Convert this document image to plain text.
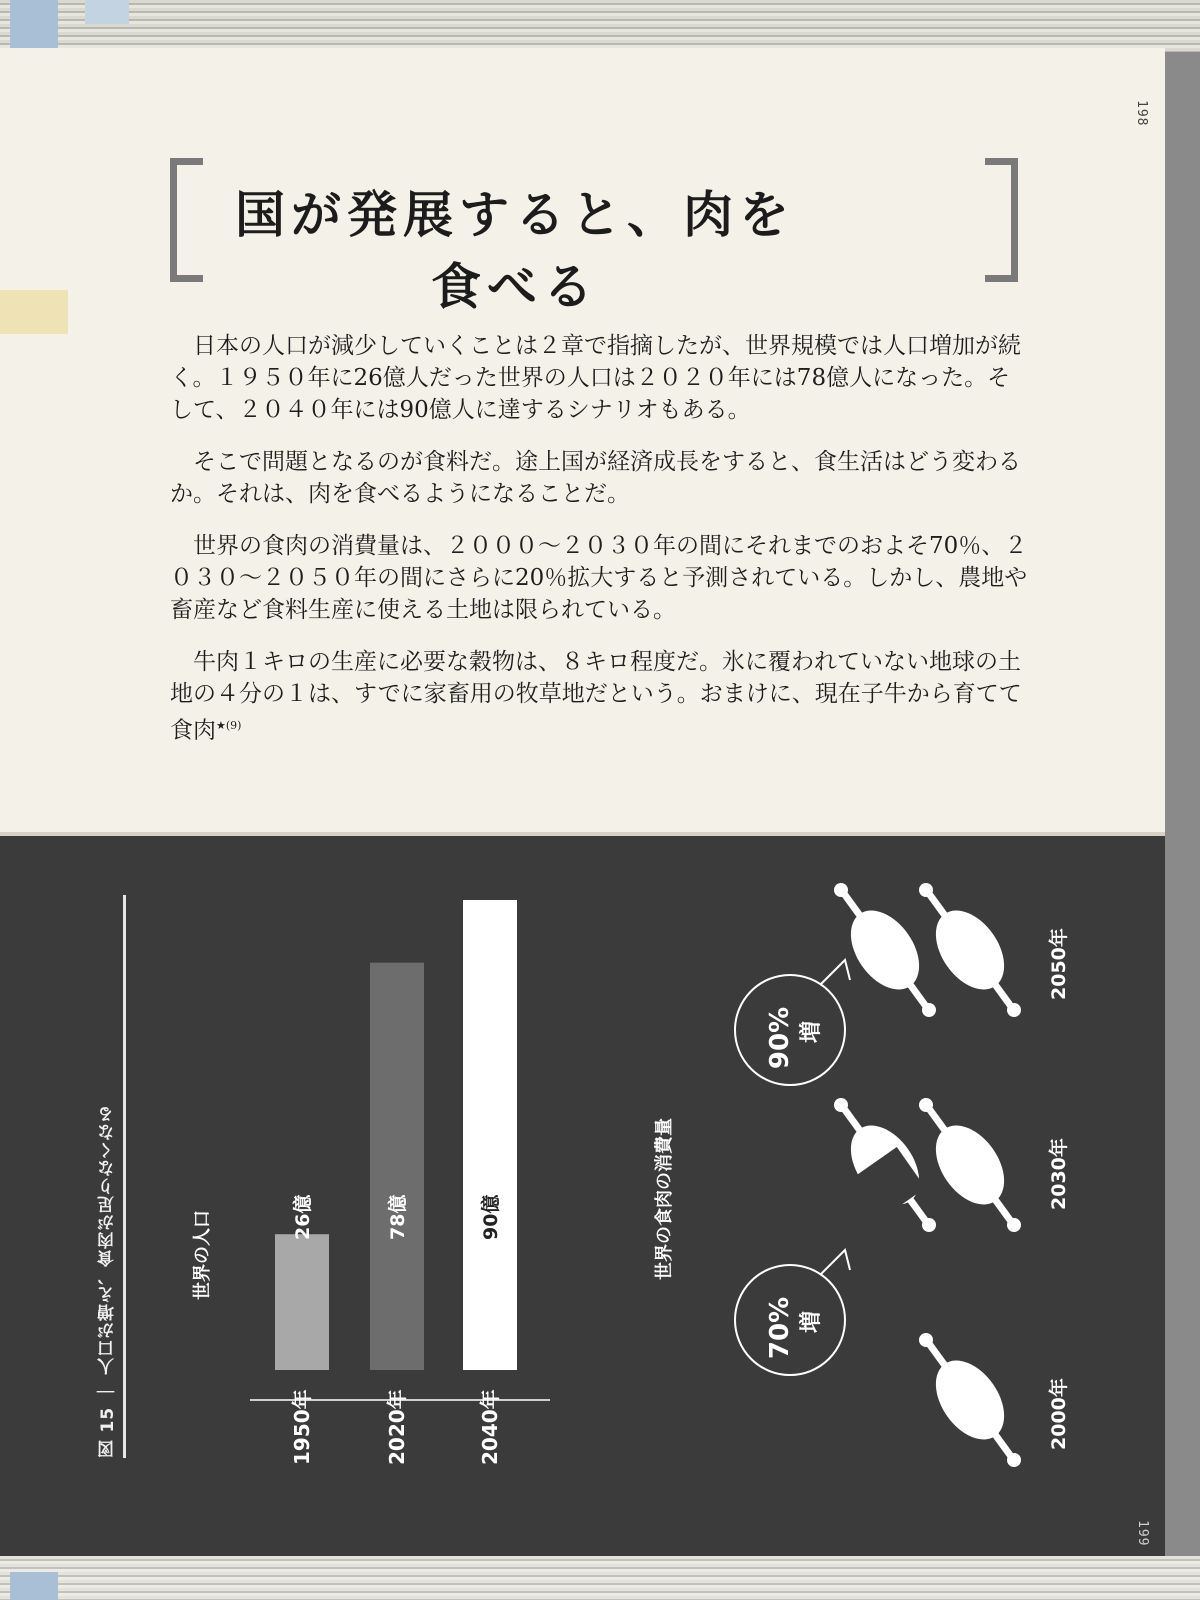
198
国が発展すると、肉を食べる

日本の人口が減少していくことは２章で指摘したが、世界規模では人口増加が続く。１９５０年に26億人だった世界の人口は２０２０年には78億人になった。そして、２０４０年には90億人に達するシナリオもある。

そこで問題となるのが食料だ。途上国が経済成長をすると、食生活はどう変わるか。それは、肉を食べるようになることだ。

世界の食肉の消費量は、２０００〜２０３０年の間にそれまでのおよそ70％、２０３０〜２０５０年の間にさらに20％拡大すると予測されている。しかし、農地や畜産など食料生産に使える土地は限られている。

牛肉１キロの生産に必要な穀物は、８キロ程度だ。氷に覆われていない地球の土地の４分の１は、すでに家畜用の牧草地だという。おまけに、現在子牛から育てて食肉$^{★(9)}$

199
図 15 ｜ 人口が増え、食肉が足りなくなる	世界の人口	26億
1950年
78億
2020年
90億
2040年
世界の食肉の消費量
2000年
2030年
2050年
70% 増
90% 増
